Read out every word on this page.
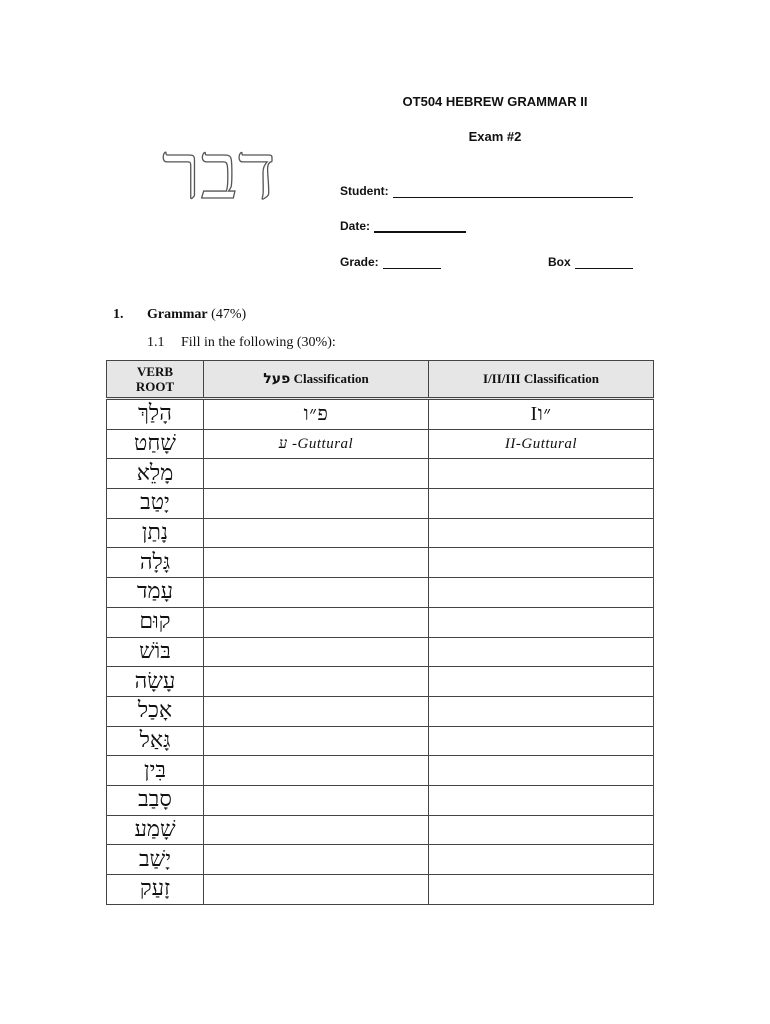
דבר
OT504 HEBREW GRAMMAR II
Exam #2
Student:
Date:
Grade:	Box
1. Grammar (47%)
1.1 Fill in the following (30%):
VERB
ROOT	פעל Classification	I/II/III Classification
הָלַךְ	פ״ו	I״ו
שָׁחַט	ע -Guttural	II-Guttural
מָלֵא		
יָטַב		
נָתַן		
גָּלָה		
עָמַד		
קוּם		
בּוֹשׁ		
עָשָׂה		
אָכַל		
גָּאַל		
בִּין		
סָבַב		
שָׁמַע		
יָשַׁב		
זָעַק		
